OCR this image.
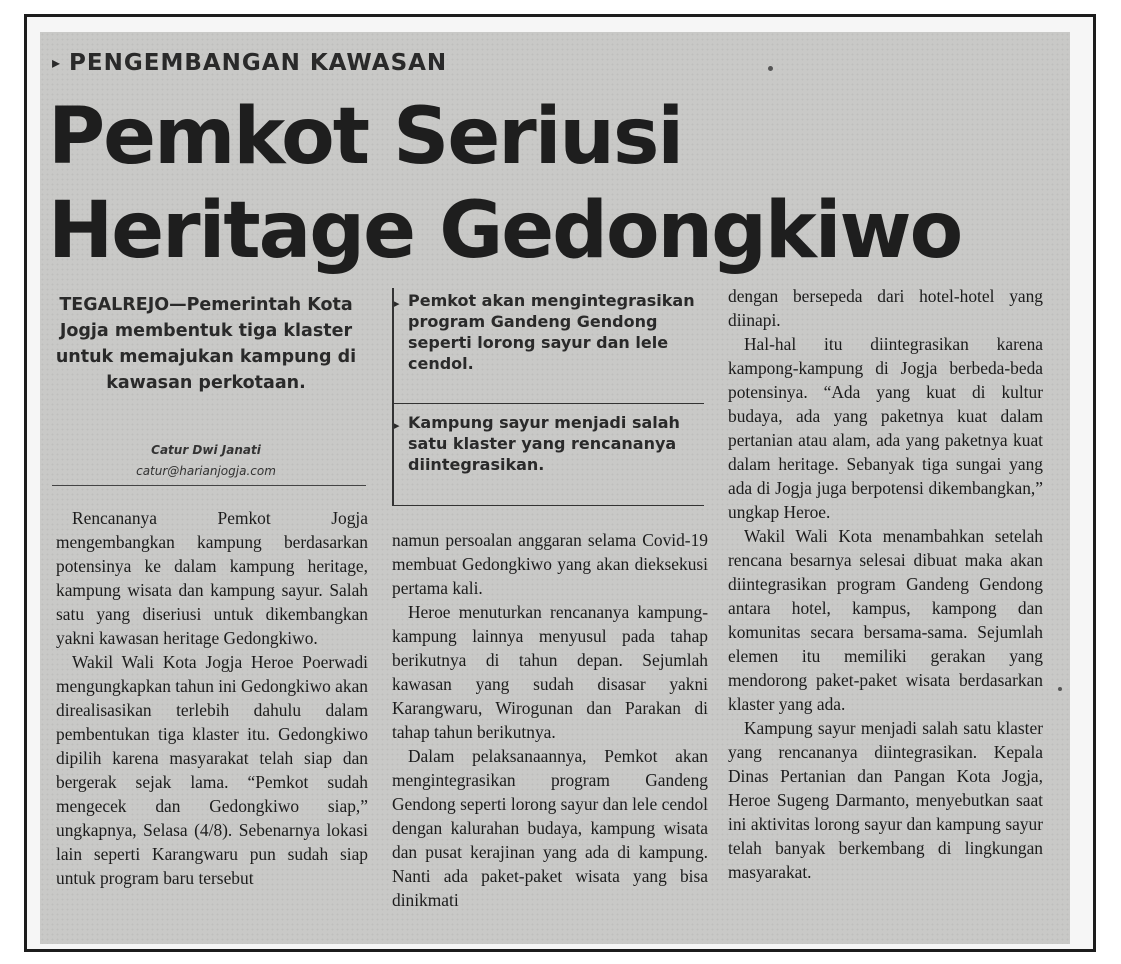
▸ PENGEMBANGAN KAWASAN
Pemkot Seriusi Heritage Gedongkiwo
TEGALREJO—Pemerintah Kota Jogja membentuk tiga klaster untuk memajukan kampung di kawasan perkotaan.
Catur Dwi Janati
catur@harianjogja.com
▸ Pemkot akan mengintegrasikan program Gandeng Gendong seperti lorong sayur dan lele cendol.
▸ Kampung sayur menjadi salah satu klaster yang rencananya diintegrasikan.

Rencananya Pemkot Jogja mengembangkan kampung berdasarkan potensinya ke dalam kampung heritage, kampung wisata dan kampung sayur. Salah satu yang diseriusi untuk dikembangkan yakni kawasan heritage Gedongkiwo.

Wakil Wali Kota Jogja Heroe Poerwadi mengungkapkan tahun ini Gedongkiwo akan direalisasikan terlebih dahulu dalam pembentukan tiga klaster itu. Gedongkiwo dipilih karena masyarakat telah siap dan bergerak sejak lama. “Pemkot sudah mengecek dan Gedongkiwo siap,” ungkapnya, Selasa (4/8). Sebenarnya lokasi lain seperti Karangwaru pun sudah siap untuk program baru tersebut

namun persoalan anggaran selama Covid-19 membuat Gedongkiwo yang akan dieksekusi pertama kali.

Heroe menuturkan rencananya kampung-kampung lainnya menyusul pada tahap berikutnya di tahun depan. Sejumlah kawasan yang sudah disasar yakni Karangwaru, Wirogunan dan Parakan di tahap tahun berikutnya.

Dalam pelaksanaannya, Pemkot akan mengintegrasikan program Gandeng Gendong seperti lorong sayur dan lele cendol dengan kalurahan budaya, kampung wisata dan pusat kerajinan yang ada di kampung. Nanti ada paket-paket wisata yang bisa dinikmati

dengan bersepeda dari hotel-hotel yang diinapi.

Hal-hal itu diintegrasikan karena kampong-kampung di Jogja berbeda-beda potensinya. “Ada yang kuat di kultur budaya, ada yang paketnya kuat dalam pertanian atau alam, ada yang paketnya kuat dalam heritage. Sebanyak tiga sungai yang ada di Jogja juga berpotensi dikembangkan,” ungkap Heroe.

Wakil Wali Kota menambahkan setelah rencana besarnya selesai dibuat maka akan diintegrasikan program Gandeng Gendong antara hotel, kampus, kampong dan komunitas secara bersama-sama. Sejumlah elemen itu memiliki gerakan yang mendorong paket-paket wisata berdasarkan klaster yang ada.

Kampung sayur menjadi salah satu klaster yang rencananya diintegrasikan. Kepala Dinas Pertanian dan Pangan Kota Jogja, Heroe Sugeng Darmanto, menyebutkan saat ini aktivitas lorong sayur dan kampung sayur telah banyak berkembang di lingkungan masyarakat.
